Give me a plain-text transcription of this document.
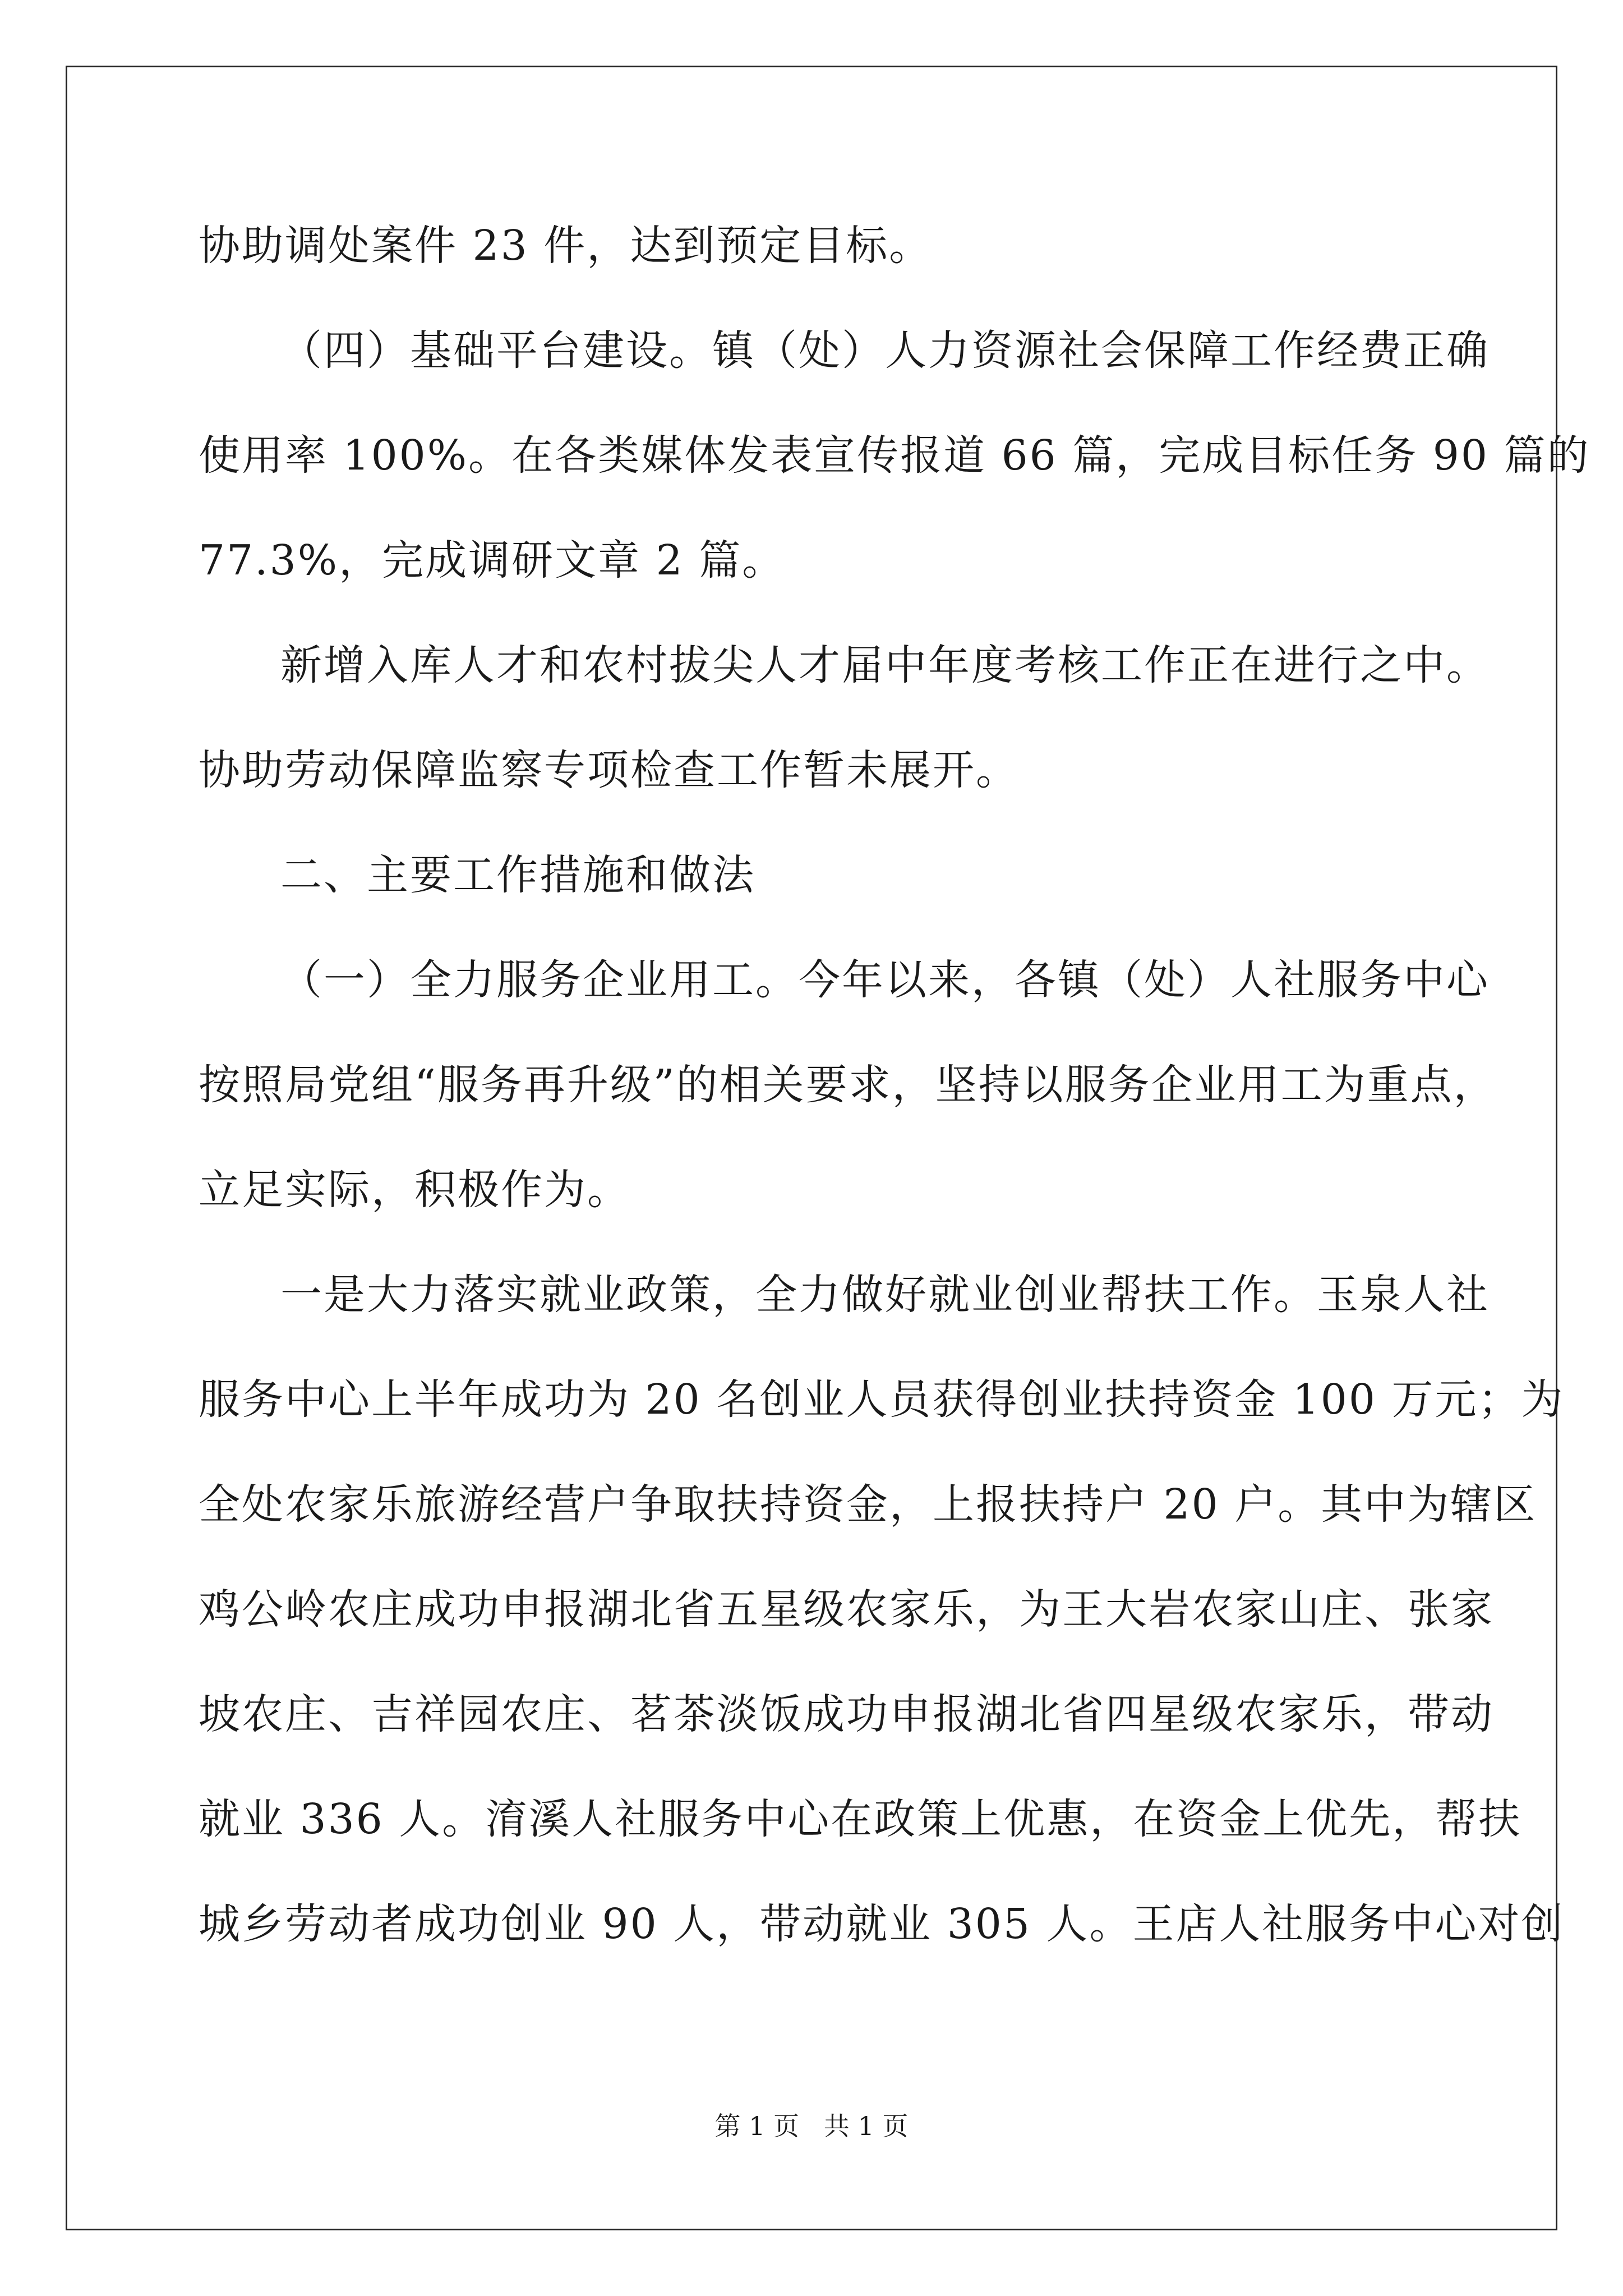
协助调处案件 23 件，达到预定目标。
（四）基础平台建设。镇（处）人力资源社会保障工作经费正确
使用率 100%。在各类媒体发表宣传报道 66 篇，完成目标任务 90 篇的
77.3%，完成调研文章 2 篇。
新增入库人才和农村拔尖人才届中年度考核工作正在进行之中。
协助劳动保障监察专项检查工作暂未展开。
二、主要工作措施和做法
（一）全力服务企业用工。今年以来，各镇（处）人社服务中心
按照局党组“服务再升级”的相关要求，坚持以服务企业用工为重点，
立足实际，积极作为。
一是大力落实就业政策，全力做好就业创业帮扶工作。玉泉人社
服务中心上半年成功为 20 名创业人员获得创业扶持资金 100 万元；为
全处农家乐旅游经营户争取扶持资金，上报扶持户 20 户。其中为辖区
鸡公岭农庄成功申报湖北省五星级农家乐，为王大岩农家山庄、张家
坡农庄、吉祥园农庄、茗茶淡饭成功申报湖北省四星级农家乐，带动
就业 336 人。淯溪人社服务中心在政策上优惠，在资金上优先，帮扶
城乡劳动者成功创业 90 人，带动就业 305 人。王店人社服务中心对创
第 1 页   共 1 页
